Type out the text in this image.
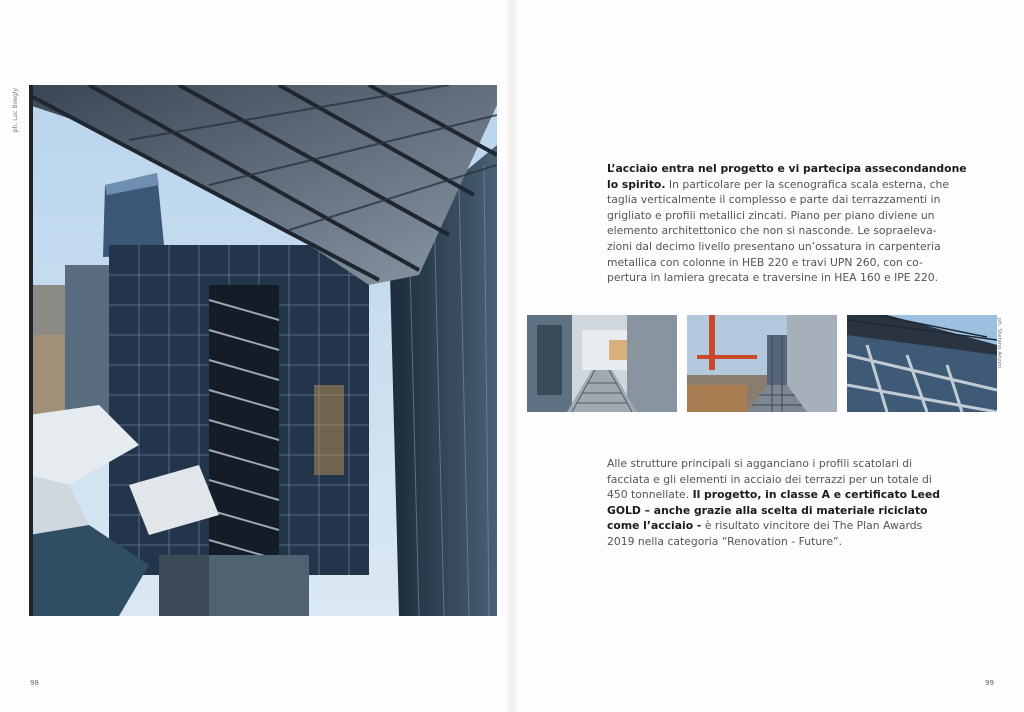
ph. Luc Boegly
98
L’acciaio entra nel progetto e vi partecipa assecondandone
lo spirito. In particolare per la scenografica scala esterna, che
taglia verticalmente il complesso e parte dai terrazzamenti in
grigliato e profili metallici zincati. Piano per piano diviene un
elemento architettonico che non si nasconde. Le sopraeleva-
zioni dal decimo livello presentano un’ossatura in carpenteria
metallica con colonne in HEB 220 e travi UPN 260, con co-
pertura in lamiera grecata e traversine in HEA 160 e IPE 220.
ph. Stefano Anzini
Alle strutture principali si agganciano i profili scatolari di
facciata e gli elementi in acciaio dei terrazzi per un totale di
450 tonnellate. Il progetto, in classe A e certificato Leed
GOLD – anche grazie alla scelta di materiale riciclato
come l’acciaio - è risultato vincitore dei The Plan Awards
2019 nella categoria “Renovation - Future”.
99
